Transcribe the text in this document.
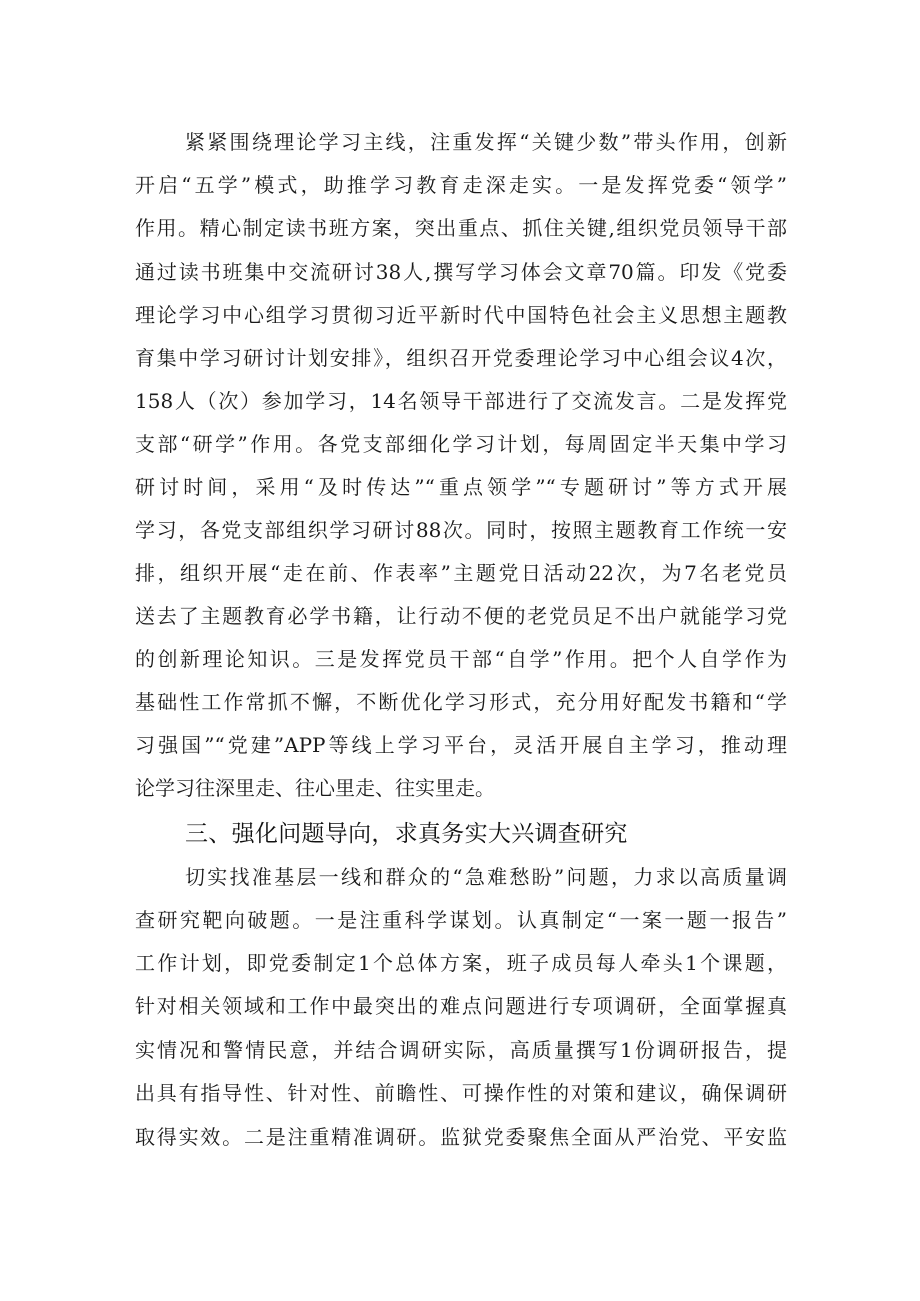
紧紧围绕理论学习主线，注重发挥“关键少数”带头作用，创新
开启“五学”模式，助推学习教育走深走实。一是发挥党委“领学”
作用。精心制定读书班方案，突出重点、抓住关键,组织党员领导干部
通过读书班集中交流研讨38人,撰写学习体会文章70篇。印发《党委
理论学习中心组学习贯彻习近平新时代中国特色社会主义思想主题教
育集中学习研讨计划安排》，组织召开党委理论学习中心组会议4次，
158人（次）参加学习，14名领导干部进行了交流发言。二是发挥党
支部“研学”作用。各党支部细化学习计划，每周固定半天集中学习
研讨时间，采用“及时传达”“重点领学”“专题研讨”等方式开展
学习，各党支部组织学习研讨88次。同时，按照主题教育工作统一安
排，组织开展“走在前、作表率”主题党日活动22次，为7名老党员
送去了主题教育必学书籍，让行动不便的老党员足不出户就能学习党
的创新理论知识。三是发挥党员干部“自学”作用。把个人自学作为
基础性工作常抓不懈，不断优化学习形式，充分用好配发书籍和“学
习强国”“党建”APP等线上学习平台，灵活开展自主学习，推动理
论学习往深里走、往心里走、往实里走。
三、强化问题导向，求真务实大兴调查研究
切实找准基层一线和群众的“急难愁盼”问题，力求以高质量调
查研究靶向破题。一是注重科学谋划。认真制定“一案一题一报告”
工作计划，即党委制定1个总体方案，班子成员每人牵头1个课题，
针对相关领域和工作中最突出的难点问题进行专项调研，全面掌握真
实情况和警情民意，并结合调研实际，高质量撰写1份调研报告，提
出具有指导性、针对性、前瞻性、可操作性的对策和建议，确保调研
取得实效。二是注重精准调研。监狱党委聚焦全面从严治党、平安监
